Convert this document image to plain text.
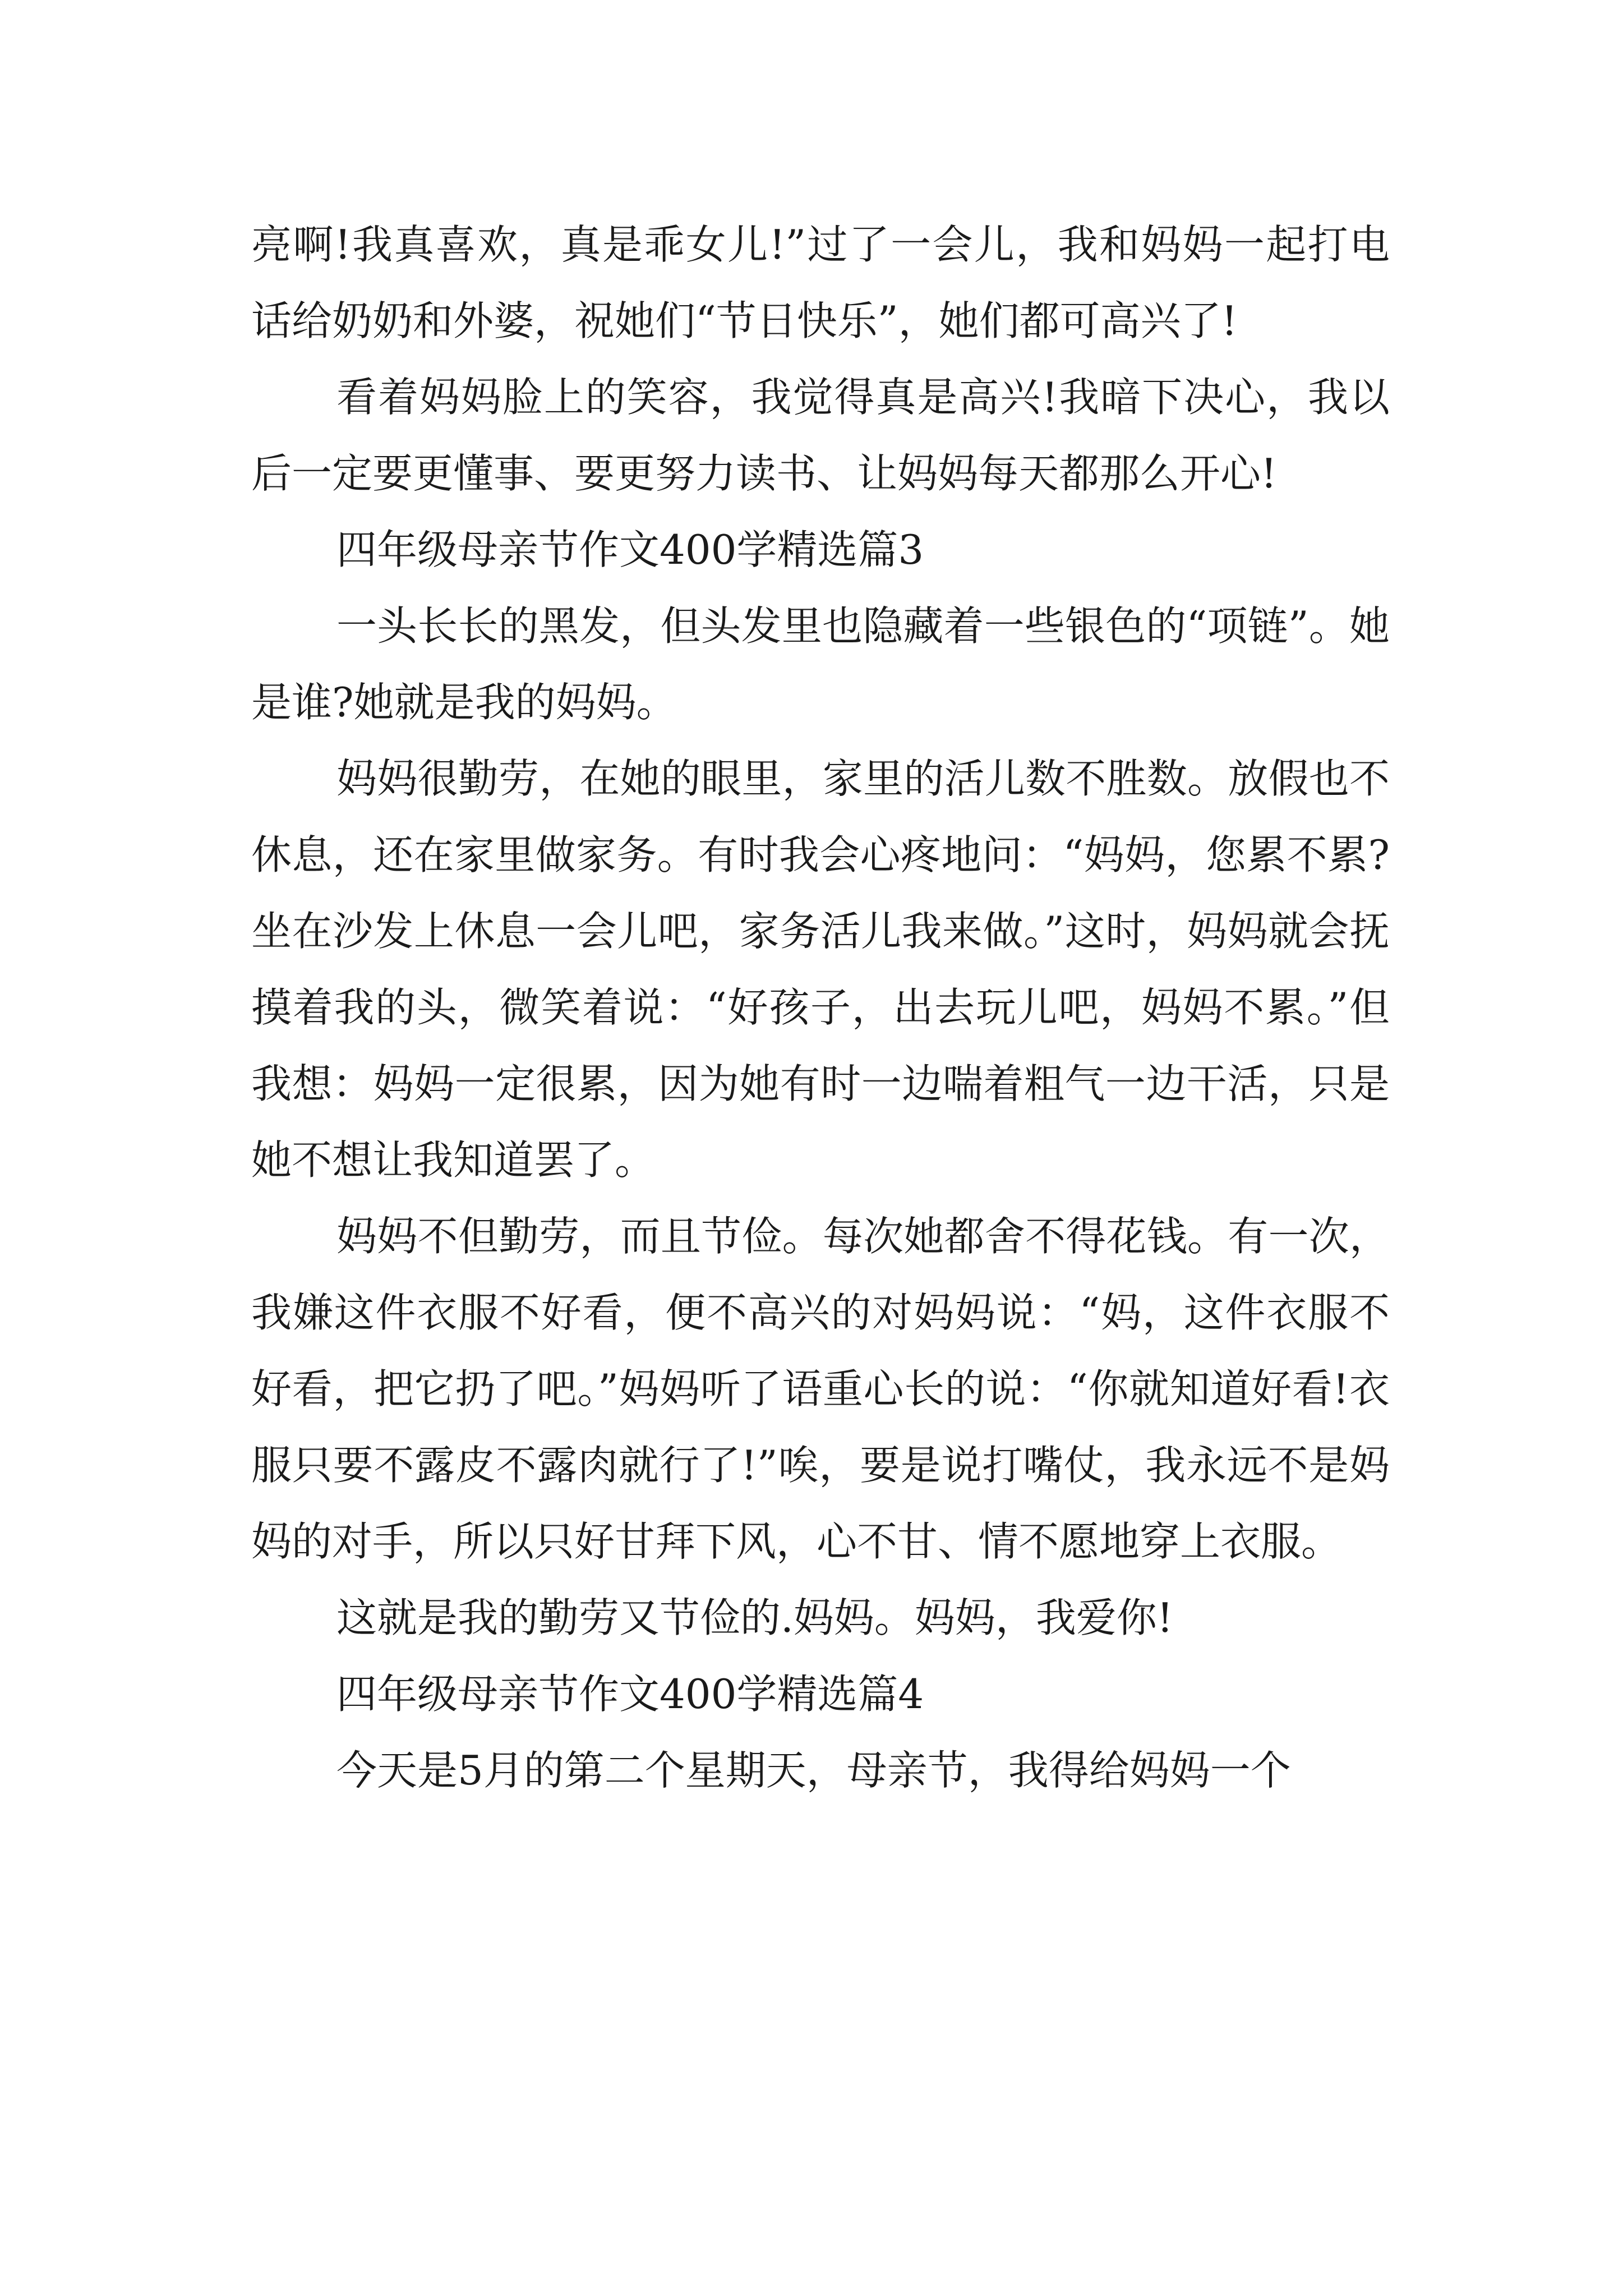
亮啊!我真喜欢，真是乖女儿!”过了一会儿，我和妈妈一起打电话给奶奶和外婆，祝她们“节日快乐”，她们都可高兴了!

看着妈妈脸上的笑容，我觉得真是高兴!我暗下决心，我以后一定要更懂事、要更努力读书、让妈妈每天都那么开心!

四年级母亲节作文400学精选篇3

一头长长的黑发，但头发里也隐藏着一些银色的“项链”。她是谁?她就是我的妈妈。

妈妈很勤劳，在她的眼里，家里的活儿数不胜数。放假也不休息，还在家里做家务。有时我会心疼地问：“妈妈，您累不累?坐在沙发上休息一会儿吧，家务活儿我来做。”这时，妈妈就会抚摸着我的头，微笑着说：“好孩子，出去玩儿吧，妈妈不累。”但我想：妈妈一定很累，因为她有时一边喘着粗气一边干活，只是她不想让我知道罢了。

妈妈不但勤劳，而且节俭。每次她都舍不得花钱。有一次，我嫌这件衣服不好看，便不高兴的对妈妈说：“妈，这件衣服不好看，把它扔了吧。”妈妈听了语重心长的说：“你就知道好看!衣服只要不露皮不露肉就行了!”唉，要是说打嘴仗，我永远不是妈妈的对手，所以只好甘拜下风，心不甘、情不愿地穿上衣服。

这就是我的勤劳又节俭的.妈妈。妈妈，我爱你!

四年级母亲节作文400学精选篇4

今天是5月的第二个星期天，母亲节，我得给妈妈一个
